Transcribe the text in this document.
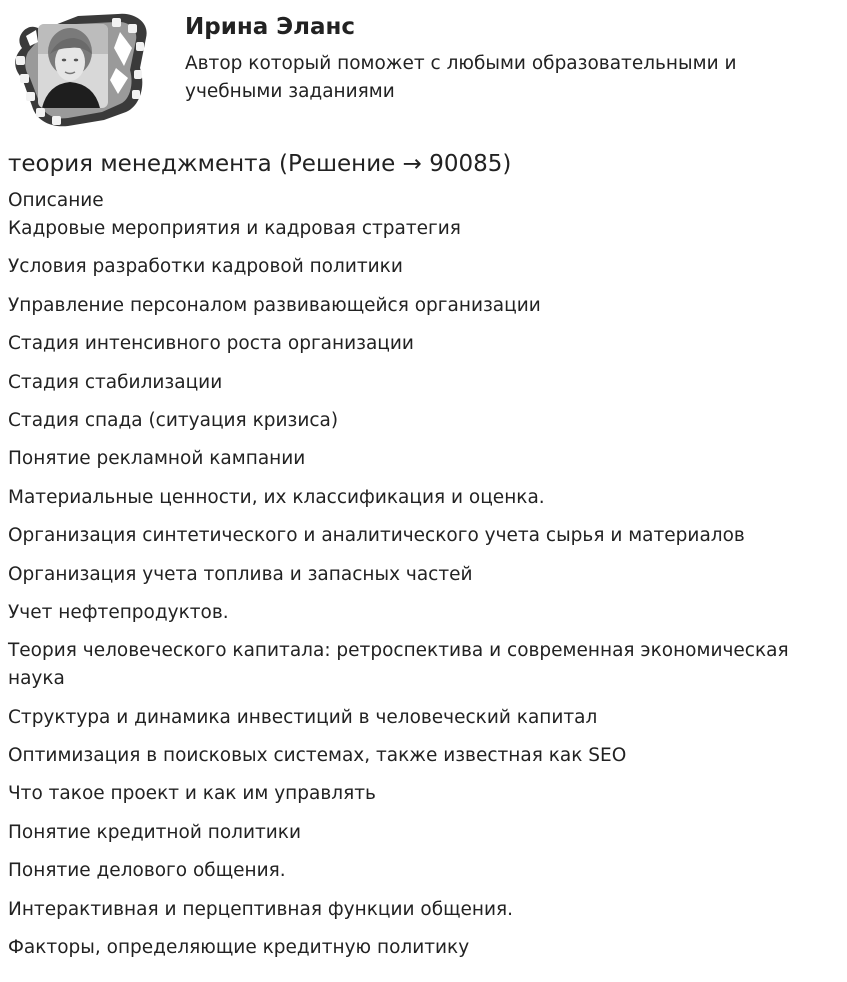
Ирина Эланс
Автор который поможет с любыми образовательными и учебными заданиями
теория менеджмента (Решение → 90085)
Описание
Кадровые мероприятия и кадровая стратегия
Условия разработки кадровой политики
Управление персоналом развивающейся организации
Стадия интенсивного роста организации
Стадия стабилизации
Стадия спада (ситуация кризиса)
Понятие рекламной кампании
Материальные ценности, их классификация и оценка.
Организация синтетического и аналитического учета сырья и материалов
Организация учета топлива и запасных частей
Учет нефтепродуктов.
Теория человеческого капитала: ретроспектива и современная экономическая наука
Структура и динамика инвестиций в человеческий капитал
Оптимизация в поисковых системах, также известная как SEO
Что такое проект и как им управлять
Понятие кредитной политики
Понятие делового общения.
Интерактивная и перцептивная функции общения.
Факторы, определяющие кредитную политику
